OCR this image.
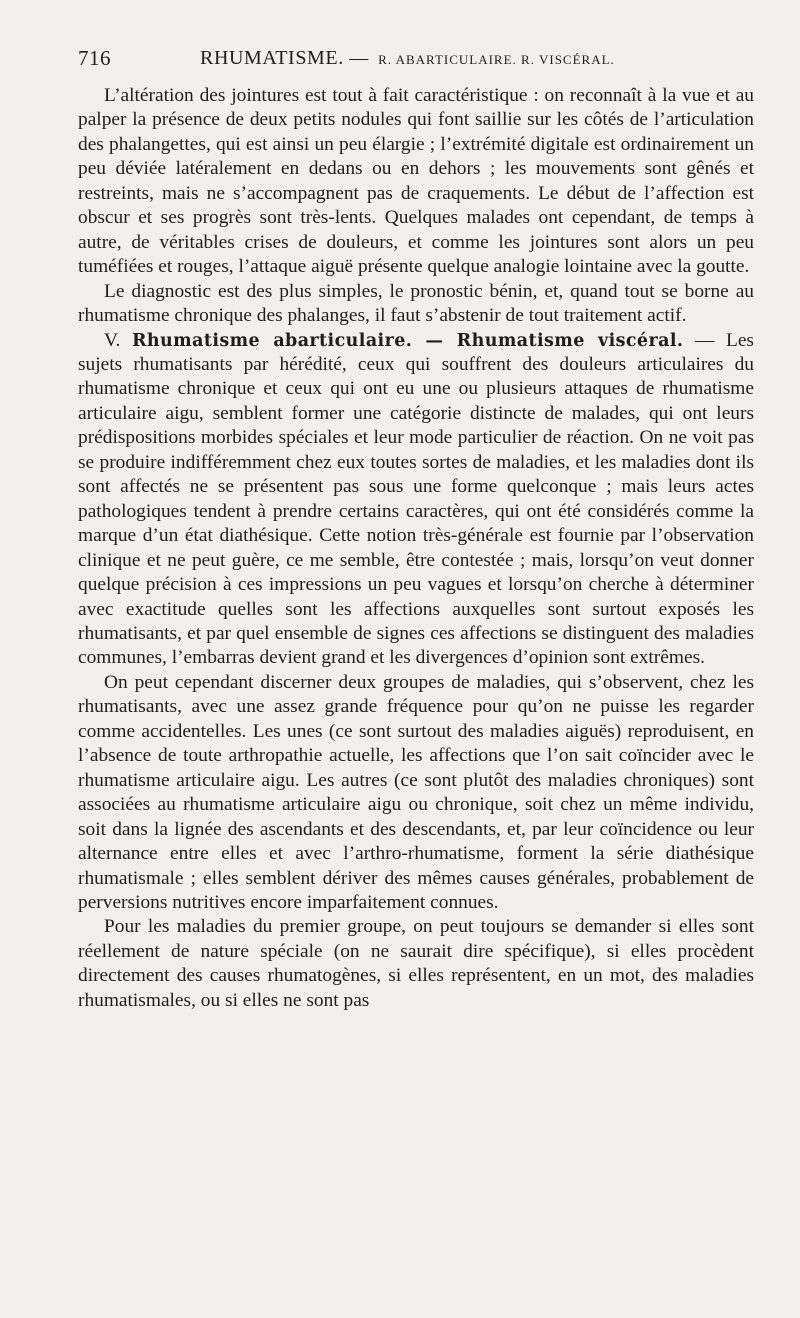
716	RHUMATISME. — R. ABARTICULAIRE. R. VISCÉRAL.

L’altération des jointures est tout à fait caractéristique : on reconnaît à la vue et au palper la présence de deux petits nodules qui font saillie sur les côtés de l’articulation des phalangettes, qui est ainsi un peu élargie ; l’extrémité digitale est ordinairement un peu déviée latéralement en dedans ou en dehors ; les mouvements sont gênés et restreints, mais ne s’accompagnent pas de craquements. Le début de l’affection est obscur et ses progrès sont très-lents. Quelques malades ont cependant, de temps à autre, de véritables crises de douleurs, et comme les jointures sont alors un peu tuméfiées et rouges, l’attaque aiguë présente quelque analogie lointaine avec la goutte.

Le diagnostic est des plus simples, le pronostic bénin, et, quand tout se borne au rhumatisme chronique des phalanges, il faut s’abstenir de tout traitement actif.

V. Rhumatisme abarticulaire. — Rhumatisme viscéral. — Les sujets rhumatisants par hérédité, ceux qui souffrent des douleurs articulaires du rhumatisme chronique et ceux qui ont eu une ou plusieurs attaques de rhumatisme articulaire aigu, semblent former une catégorie distincte de malades, qui ont leurs prédispositions morbides spéciales et leur mode particulier de réaction. On ne voit pas se produire indifféremment chez eux toutes sortes de maladies, et les maladies dont ils sont affectés ne se présentent pas sous une forme quelconque ; mais leurs actes pathologiques tendent à prendre certains caractères, qui ont été considérés comme la marque d’un état diathésique. Cette notion très-générale est fournie par l’observation clinique et ne peut guère, ce me semble, être contestée ; mais, lorsqu’on veut donner quelque précision à ces impressions un peu vagues et lorsqu’on cherche à déterminer avec exactitude quelles sont les affections auxquelles sont surtout exposés les rhumatisants, et par quel ensemble de signes ces affections se distinguent des maladies communes, l’embarras devient grand et les divergences d’opinion sont extrêmes.

On peut cependant discerner deux groupes de maladies, qui s’observent, chez les rhumatisants, avec une assez grande fréquence pour qu’on ne puisse les regarder comme accidentelles. Les unes (ce sont surtout des maladies aiguës) reproduisent, en l’absence de toute arthropathie actuelle, les affections que l’on sait coïncider avec le rhumatisme articulaire aigu. Les autres (ce sont plutôt des maladies chroniques) sont associées au rhumatisme articulaire aigu ou chronique, soit chez un même individu, soit dans la lignée des ascendants et des descendants, et, par leur coïncidence ou leur alternance entre elles et avec l’arthro-rhumatisme, forment la série diathésique rhumatismale ; elles semblent dériver des mêmes causes générales, probablement de perversions nutritives encore imparfaitement connues.

Pour les maladies du premier groupe, on peut toujours se demander si elles sont réellement de nature spéciale (on ne saurait dire spécifique), si elles procèdent directement des causes rhumatogènes, si elles représentent, en un mot, des maladies rhumatismales, ou si elles ne sont pas
